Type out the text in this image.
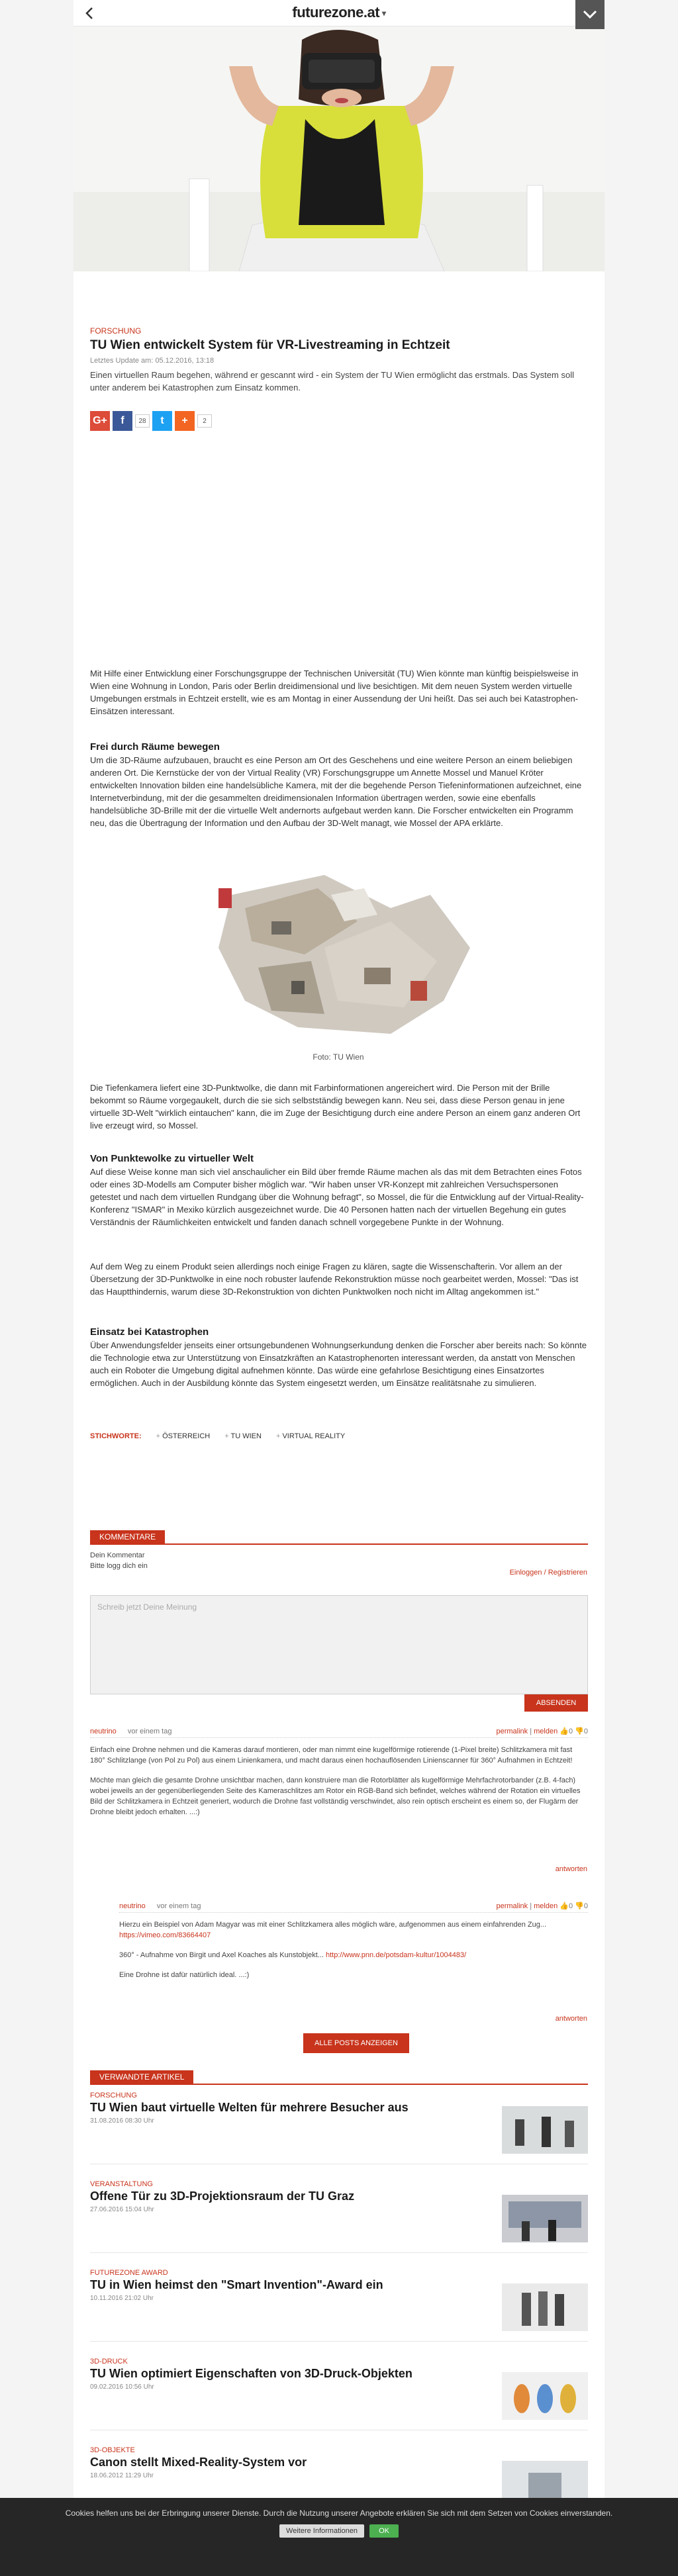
futurezone.at ▾
FORSCHUNG
TU Wien entwickelt System für VR-Livestreaming in Echtzeit
Letztes Update am: 05.12.2016, 13:18
Einen virtuellen Raum begehen, während er gescannt wird - ein System der TU Wien ermöglicht das erstmals. Das System soll unter anderem bei Katastrophen zum Einsatz kommen.
G+ f	28	t +	2
Mit Hilfe einer Entwicklung einer Forschungsgruppe der Technischen Universität (TU) Wien könnte man künftig beispielsweise in Wien eine Wohnung in London, Paris oder Berlin dreidimensional und live besichtigen. Mit dem neuen System werden virtuelle Umgebungen erstmals in Echtzeit erstellt, wie es am Montag in einer Aussendung der Uni heißt. Das sei auch bei Katastrophen-Einsätzen interessant.
Frei durch Räume bewegen
Um die 3D-Räume aufzubauen, braucht es eine Person am Ort des Geschehens und eine weitere Person an einem beliebigen anderen Ort. Die Kernstücke der von der Virtual Reality (VR) Forschungsgruppe um Annette Mossel und Manuel Kröter entwickelten Innovation bilden eine handelsübliche Kamera, mit der die begehende Person Tiefeninformationen aufzeichnet, eine Internetverbindung, mit der die gesammelten dreidimensionalen Information übertragen werden, sowie eine ebenfalls handelsübliche 3D-Brille mit der die virtuelle Welt andernorts aufgebaut werden kann. Die Forscher entwickelten ein Programm neu, das die Übertragung der Information und den Aufbau der 3D-Welt managt, wie Mossel der APA erklärte.
Foto: TU Wien
Die Tiefenkamera liefert eine 3D-Punktwolke, die dann mit Farbinformationen angereichert wird. Die Person mit der Brille bekommt so Räume vorgegaukelt, durch die sie sich selbstständig bewegen kann. Neu sei, dass diese Person genau in jene virtuelle 3D-Welt "wirklich eintauchen" kann, die im Zuge der Besichtigung durch eine andere Person an einem ganz anderen Ort live erzeugt wird, so Mossel.
Von Punktewolke zu virtueller Welt
Auf diese Weise konne man sich viel anschaulicher ein Bild über fremde Räume machen als das mit dem Betrachten eines Fotos oder eines 3D-Modells am Computer bisher möglich war. "Wir haben unser VR-Konzept mit zahlreichen Versuchspersonen getestet und nach dem virtuellen Rundgang über die Wohnung befragt", so Mossel, die für die Entwicklung auf der Virtual-Reality-Konferenz "ISMAR" in Mexiko kürzlich ausgezeichnet wurde. Die 40 Personen hatten nach der virtuellen Begehung ein gutes Verständnis der Räumlichkeiten entwickelt und fanden danach schnell vorgegebene Punkte in der Wohnung.
Auf dem Weg zu einem Produkt seien allerdings noch einige Fragen zu klären, sagte die Wissenschafterin. Vor allem an der Übersetzung der 3D-Punktwolke in eine noch robuster laufende Rekonstruktion müsse noch gearbeitet werden, Mossel: "Das ist das Hauptthindernis, warum diese 3D-Rekonstruktion von dichten Punktwolken noch nicht im Alltag angekommen ist."
Einsatz bei Katastrophen
Über Anwendungsfelder jenseits einer ortsungebundenen Wohnungserkundung denken die Forscher aber bereits nach: So könnte die Technologie etwa zur Unterstützung von Einsatzkräften an Katastrophenorten interessant werden, da anstatt von Menschen auch ein Roboter die Umgebung digital aufnehmen könnte. Das würde eine gefahrlose Besichtigung eines Einsatzortes ermöglichen. Auch in der Ausbildung könnte das System eingesetzt werden, um Einsätze realitätsnahe zu simulieren.
STICHWORTE:	+ ÖSTERREICH	+ TU WIEN	+ VIRTUAL REALITY
KOMMENTARE
Dein Kommentar
Bitte logg dich ein
Einloggen / Registrieren
Schreib jetzt Deine Meinung
ABSENDEN
neutrino vor einem tag	permalink | melden 👍0 👎0

Einfach eine Drohne nehmen und die Kameras darauf montieren, oder man nimmt eine kugelförmige rotierende (1-Pixel breite) Schlitzkamera mit fast 180° Schlitzlange (von Pol zu Pol) aus einem Linienkamera, und macht daraus einen hochauflösenden Linienscanner für 360° Aufnahmen in Echtzeit!

Möchte man gleich die gesamte Drohne unsichtbar machen, dann konstruiere man die Rotorblätter als kugelförmige Mehrfachrotorbander (z.B. 4-fach) wobei jeweils an der gegenüberliegenden Seite des Kameraschlitzes am Rotor ein RGB-Band sich befindet, welches während der Rotation ein virtuelles Bild der Schlitzkamera in Echtzeit generiert, wodurch die Drohne fast vollständig verschwindet, also rein optisch erscheint es einem so, der Flugärm der Drohne bleibt jedoch erhalten. ...:)

antworten
neutrino vor einem tag	permalink | melden 👍0 👎0

Hierzu ein Beispiel von Adam Magyar was mit einer Schlitzkamera alles möglich wäre, aufgenommen aus einem einfahrenden Zug... https://vimeo.com/83664407

360° - Aufnahme von Birgit und Axel Koaches als Kunstobjekt... http://www.pnn.de/potsdam-kultur/1004483/

Eine Drohne ist dafür natürlich ideal. ...:)

antworten
ALLE POSTS ANZEIGEN
VERWANDTE ARTIKEL
FORSCHUNG
TU Wien baut virtuelle Welten für mehrere Besucher aus
31.08.2016 08:30 Uhr
VERANSTALTUNG
Offene Tür zu 3D-Projektionsraum der TU Graz
27.06.2016 15:04 Uhr
FUTUREZONE AWARD
TU in Wien heimst den "Smart Invention"-Award ein
10.11.2016 21:02 Uhr
3D-DRUCK
TU Wien optimiert Eigenschaften von 3D-Druck-Objekten
09.02.2016 10:56 Uhr
3D-OBJEKTE
Canon stellt Mixed-Reality-System vor
18.06.2012 11:29 Uhr
Cookies helfen uns bei der Erbringung unserer Dienste. Durch die Nutzung unserer Angebote erklären Sie sich mit dem Setzen von Cookies einverstanden.
Weitere Informationen	OK
